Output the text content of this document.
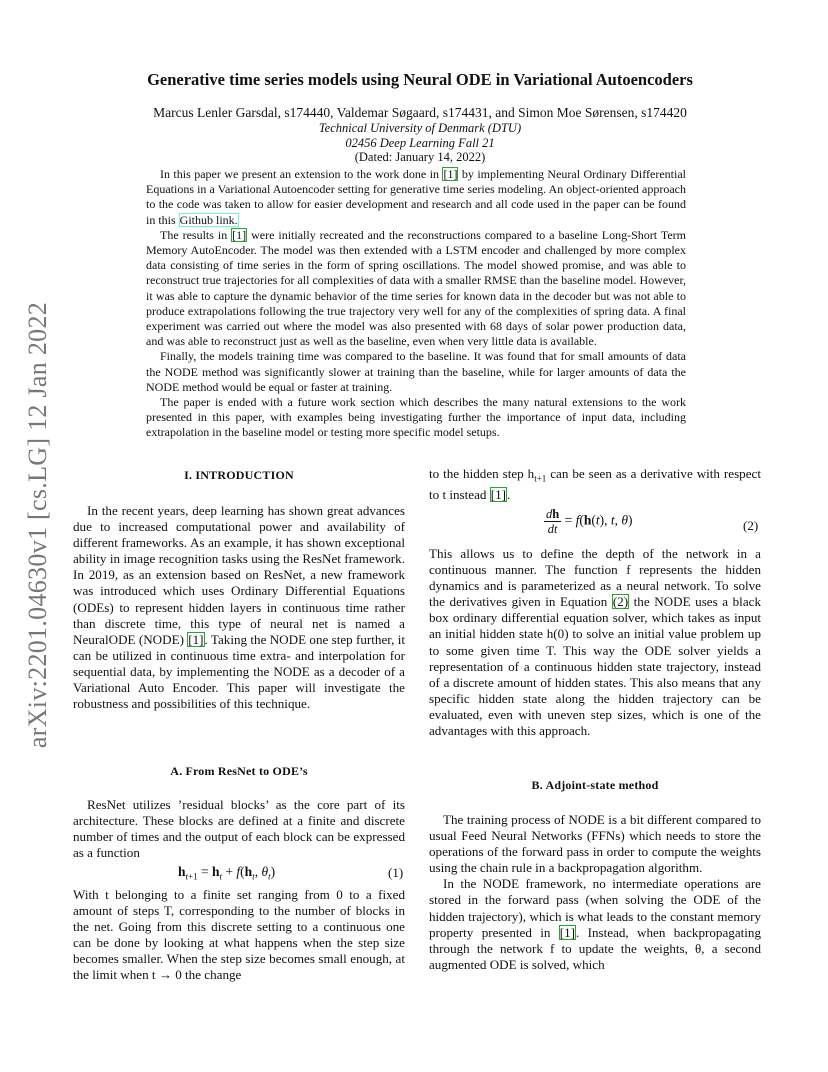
arXiv:2201.04630v1 [cs.LG] 12 Jan 2022
Generative time series models using Neural ODE in Variational Autoencoders
Marcus Lenler Garsdal, s174440, Valdemar Søgaard, s174431, and Simon Moe Sørensen, s174420
Technical University of Denmark (DTU)
02456 Deep Learning Fall 21
(Dated: January 14, 2022)

In this paper we present an extension to the work done in [1] by implementing Neural Ordinary Differential Equations in a Variational Autoencoder setting for generative time series modeling. An object-oriented approach to the code was taken to allow for easier development and research and all code used in the paper can be found in this Github link.

The results in [1] were initially recreated and the reconstructions compared to a baseline Long-Short Term Memory AutoEncoder. The model was then extended with a LSTM encoder and challenged by more complex data consisting of time series in the form of spring oscillations. The model showed promise, and was able to reconstruct true trajectories for all complexities of data with a smaller RMSE than the baseline model. However, it was able to capture the dynamic behavior of the time series for known data in the decoder but was not able to produce extrapolations following the true trajectory very well for any of the complexities of spring data. A final experiment was carried out where the model was also presented with 68 days of solar power production data, and was able to reconstruct just as well as the baseline, even when very little data is available.

Finally, the models training time was compared to the baseline. It was found that for small amounts of data the NODE method was significantly slower at training than the baseline, while for larger amounts of data the NODE method would be equal or faster at training.

The paper is ended with a future work section which describes the many natural extensions to the work presented in this paper, with examples being investigating further the importance of input data, including extrapolation in the baseline model or testing more specific model setups.

I. INTRODUCTION

In the recent years, deep learning has shown great advances due to increased computational power and availability of different frameworks. As an example, it has shown exceptional ability in image recognition tasks using the ResNet framework. In 2019, as an extension based on ResNet, a new framework was introduced which uses Ordinary Differential Equations (ODEs) to represent hidden layers in continuous time rather than discrete time, this type of neural net is named a NeuralODE (NODE) [1]. Taking the NODE one step further, it can be utilized in continuous time extra- and interpolation for sequential data, by implementing the NODE as a decoder of a Variational Auto Encoder. This paper will investigate the robustness and possibilities of this technique.

A. From ResNet to ODE’s

ResNet utilizes ’residual blocks’ as the core part of its architecture. These blocks are defined at a finite and discrete number of times and the output of each block can be expressed as a function

$h_{t+1} = h_t + f(h_t$, $\theta_t$)	(1)

With t belonging to a finite set ranging from 0 to a fixed amount of steps T, corresponding to the number of blocks in the net. Going from this discrete setting to a continuous one can be done by looking at what happens when the step size becomes smaller. When the step size becomes small enough, at the limit when t → 0 the change

to the hidden step $h_{t+1}$ can be seen as a derivative with respect to t instead [1].

$\frac{dh}{dt} = f(h(t)$, t, θ)	(2)

This allows us to define the depth of the network in a continuous manner. The function f represents the hidden dynamics and is parameterized as a neural network. To solve the derivatives given in Equation (2) the NODE uses a black box ordinary differential equation solver, which takes as input an initial hidden state h(0) to solve an initial value problem up to some given time T. This way the ODE solver yields a representation of a continuous hidden state trajectory, instead of a discrete amount of hidden states. This also means that any specific hidden state along the hidden trajectory can be evaluated, even with uneven step sizes, which is one of the advantages with this approach.

B. Adjoint-state method

The training process of NODE is a bit different compared to usual Feed Neural Networks (FFNs) which needs to store the operations of the forward pass in order to compute the weights using the chain rule in a backpropagation algorithm.

In the NODE framework, no intermediate operations are stored in the forward pass (when solving the ODE of the hidden trajectory), which is what leads to the constant memory property presented in [1]. Instead, when backpropagating through the network f to update the weights, θ, a second augmented ODE is solved, which
